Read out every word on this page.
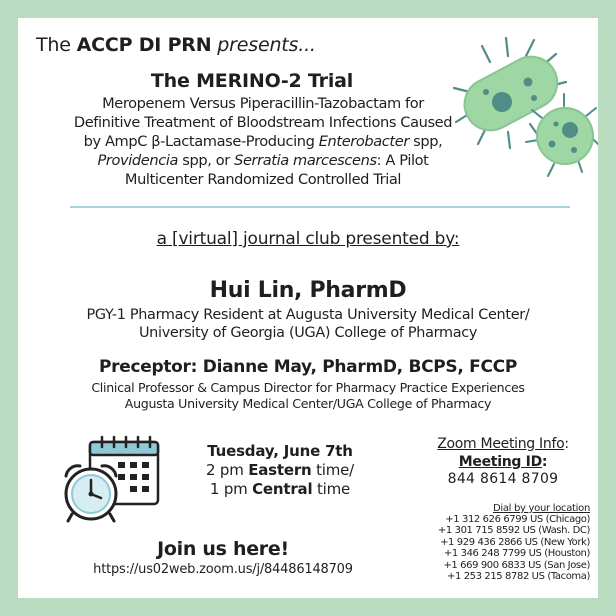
The ACCP DI PRN presents...
The MERINO-2 Trial
Meropenem Versus Piperacillin-Tazobactam for
Definitive Treatment of Bloodstream Infections Caused
by AmpC β-Lactamase-Producing Enterobacter spp,
Providencia spp, or Serratia marcescens: A Pilot
Multicenter Randomized Controlled Trial
a [virtual] journal club presented by:
Hui Lin, PharmD
PGY-1 Pharmacy Resident at Augusta University Medical Center/
University of Georgia (UGA) College of Pharmacy
Preceptor: Dianne May, PharmD, BCPS, FCCP
Clinical Professor & Campus Director for Pharmacy Practice Experiences
Augusta University Medical Center/UGA College of Pharmacy
Tuesday, June 7th
2 pm Eastern time/
1 pm Central time
Zoom Meeting Info:
Meeting ID:
844 8614 8709
Dial by your location
+1 312 626 6799 US (Chicago)
+1 301 715 8592 US (Wash. DC)
+1 929 436 2866 US (New York)
+1 346 248 7799 US (Houston)
+1 669 900 6833 US (San Jose)
+1 253 215 8782 US (Tacoma)
Join us here!
https://us02web.zoom.us/j/84486148709
